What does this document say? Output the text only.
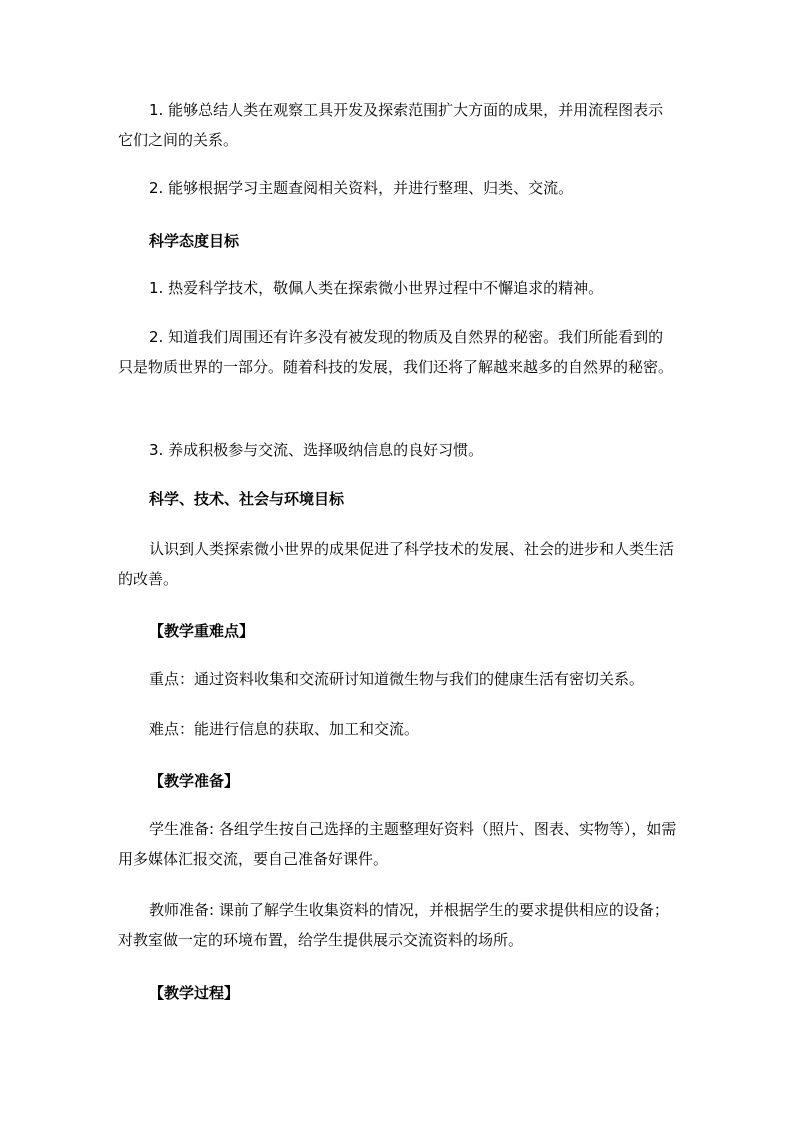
1. 能够总结人类在观察工具开发及探索范围扩大方面的成果，并用流程图表示它们之间的关系。

2. 能够根据学习主题查阅相关资料，并进行整理、归类、交流。

科学态度目标

1. 热爱科学技术，敬佩人类在探索微小世界过程中不懈追求的精神。

2. 知道我们周围还有许多没有被发现的物质及自然界的秘密。我们所能看到的只是物质世界的一部分。随着科技的发展，我们还将了解越来越多的自然界的秘密。

3. 养成积极参与交流、选择吸纳信息的良好习惯。

科学、技术、社会与环境目标

认识到人类探索微小世界的成果促进了科学技术的发展、社会的进步和人类生活的改善。

【教学重难点】

重点：通过资料收集和交流研讨知道微生物与我们的健康生活有密切关系。

难点：能进行信息的获取、加工和交流。

【教学准备】

学生准备: 各组学生按自己选择的主题整理好资料（照片、图表、实物等），如需用多媒体汇报交流，要自己准备好课件。

教师准备: 课前了解学生收集资料的情况，并根据学生的要求提供相应的设备；对教室做一定的环境布置，给学生提供展示交流资料的场所。

【教学过程】
